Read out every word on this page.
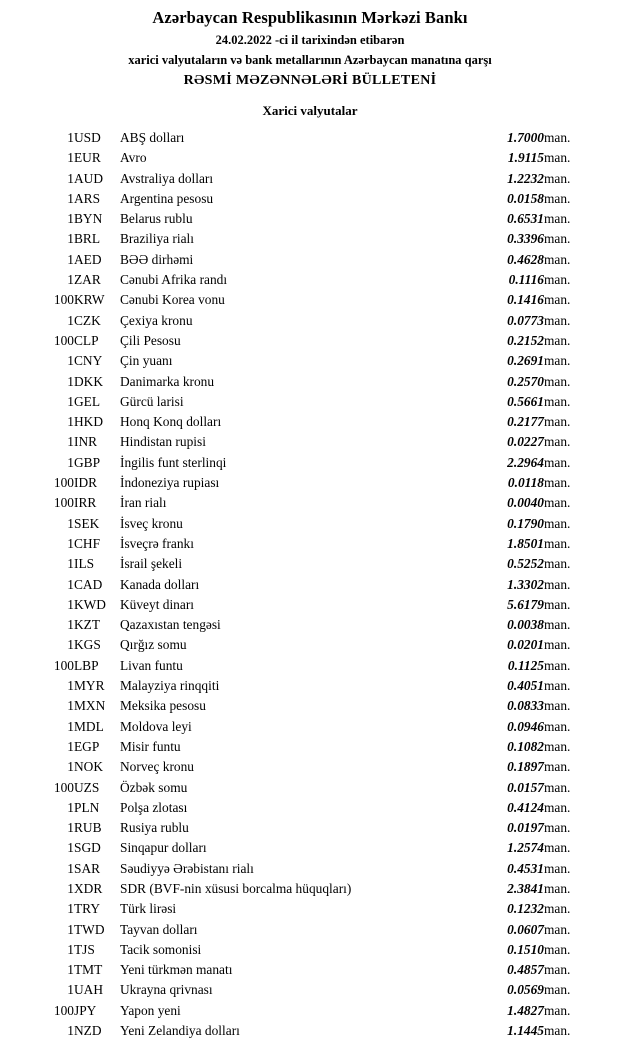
Azərbaycan Respublikasının Mərkəzi Bankı
24.02.2022 -ci il tarixindən etibarən
xarici valyutaların və bank metallarının Azərbaycan manatına qarşı
RƏSMİ MƏZƏNNƏLƏRİ BÜLLETENİ
Xarici valyutalar
1	USD	ABŞ dolları	1.7000	man.
1	EUR	Avro	1.9115	man.
1	AUD	Avstraliya dolları	1.2232	man.
1	ARS	Argentina pesosu	0.0158	man.
1	BYN	Belarus rublu	0.6531	man.
1	BRL	Braziliya rialı	0.3396	man.
1	AED	BƏƏ dirhəmi	0.4628	man.
1	ZAR	Cənubi Afrika randı	0.1116	man.
100	KRW	Cənubi Korea vonu	0.1416	man.
1	CZK	Çexiya kronu	0.0773	man.
100	CLP	Çili Pesosu	0.2152	man.
1	CNY	Çin yuanı	0.2691	man.
1	DKK	Danimarka kronu	0.2570	man.
1	GEL	Gürcü larisi	0.5661	man.
1	HKD	Honq Konq dolları	0.2177	man.
1	INR	Hindistan rupisi	0.0227	man.
1	GBP	İngilis funt sterlinqi	2.2964	man.
100	IDR	İndoneziya rupiası	0.0118	man.
100	IRR	İran rialı	0.0040	man.
1	SEK	İsveç kronu	0.1790	man.
1	CHF	İsveçrə frankı	1.8501	man.
1	ILS	İsrail şekeli	0.5252	man.
1	CAD	Kanada dolları	1.3302	man.
1	KWD	Küveyt dinarı	5.6179	man.
1	KZT	Qazaxıstan tengəsi	0.0038	man.
1	KGS	Qırğız somu	0.0201	man.
100	LBP	Livan funtu	0.1125	man.
1	MYR	Malayziya rinqqiti	0.4051	man.
1	MXN	Meksika pesosu	0.0833	man.
1	MDL	Moldova leyi	0.0946	man.
1	EGP	Misir funtu	0.1082	man.
1	NOK	Norveç kronu	0.1897	man.
100	UZS	Özbək somu	0.0157	man.
1	PLN	Polşa zlotası	0.4124	man.
1	RUB	Rusiya rublu	0.0197	man.
1	SGD	Sinqapur dolları	1.2574	man.
1	SAR	Səudiyyə Ərəbistanı rialı	0.4531	man.
1	XDR	SDR (BVF-nin xüsusi borcalma hüquqları)	2.3841	man.
1	TRY	Türk lirəsi	0.1232	man.
1	TWD	Tayvan dolları	0.0607	man.
1	TJS	Tacik somonisi	0.1510	man.
1	TMT	Yeni türkmən manatı	0.4857	man.
1	UAH	Ukrayna qrivnası	0.0569	man.
100	JPY	Yapon yeni	1.4827	man.
1	NZD	Yeni Zelandiya dolları	1.1445	man.
